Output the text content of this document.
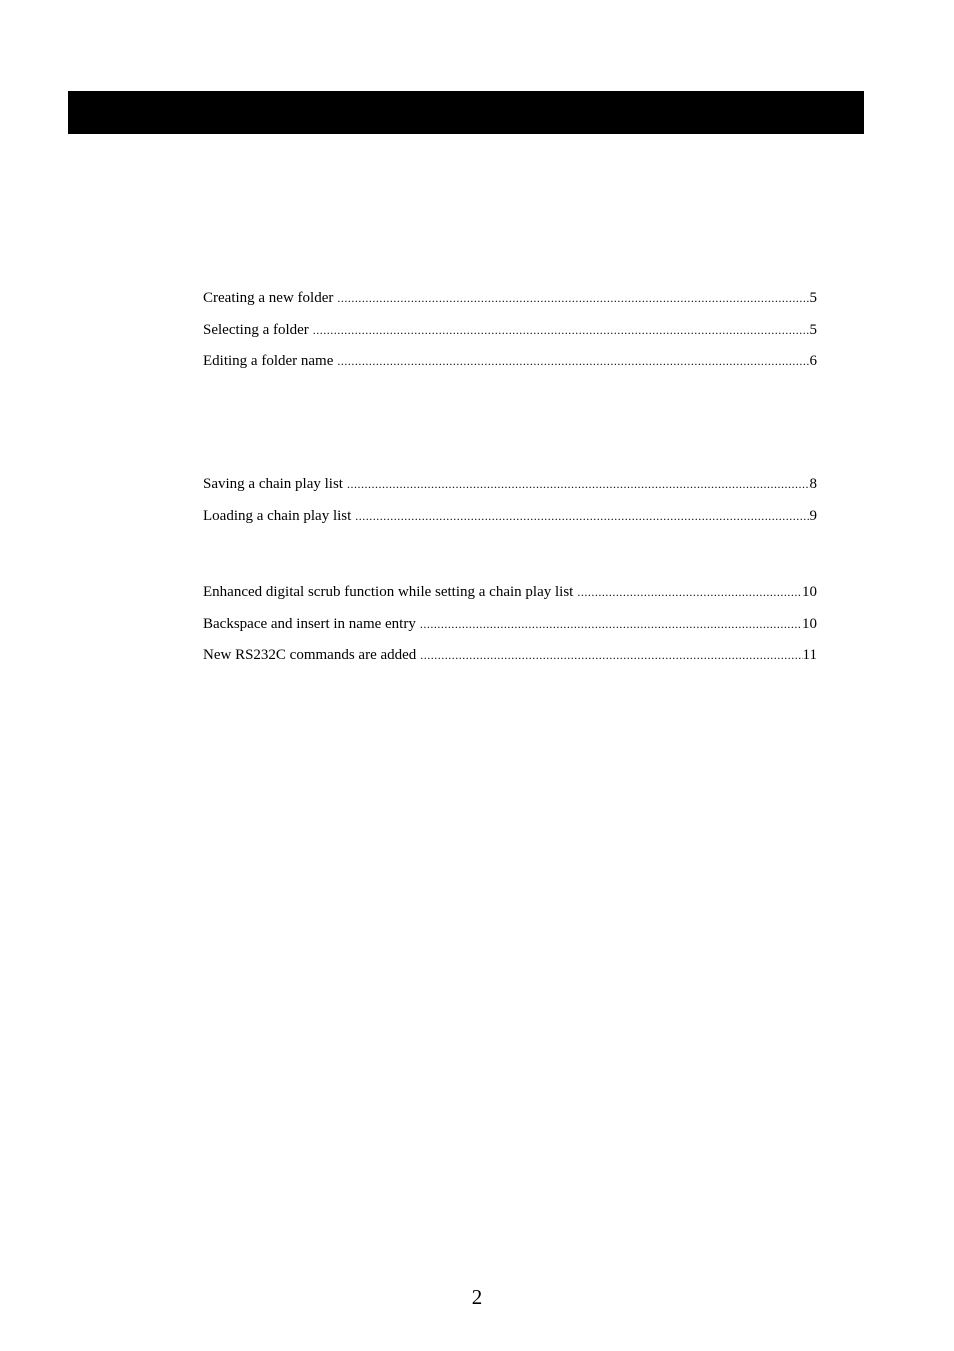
Creating a new folder .....	5
Selecting a folder .....	5
Editing a folder name .....	6
Saving a chain play list .....	8
Loading a chain play list .....	9
Enhanced digital scrub function while setting a chain play list .....	10
Backspace and insert in name entry .....	10
New RS232C commands are added .....	11
2
